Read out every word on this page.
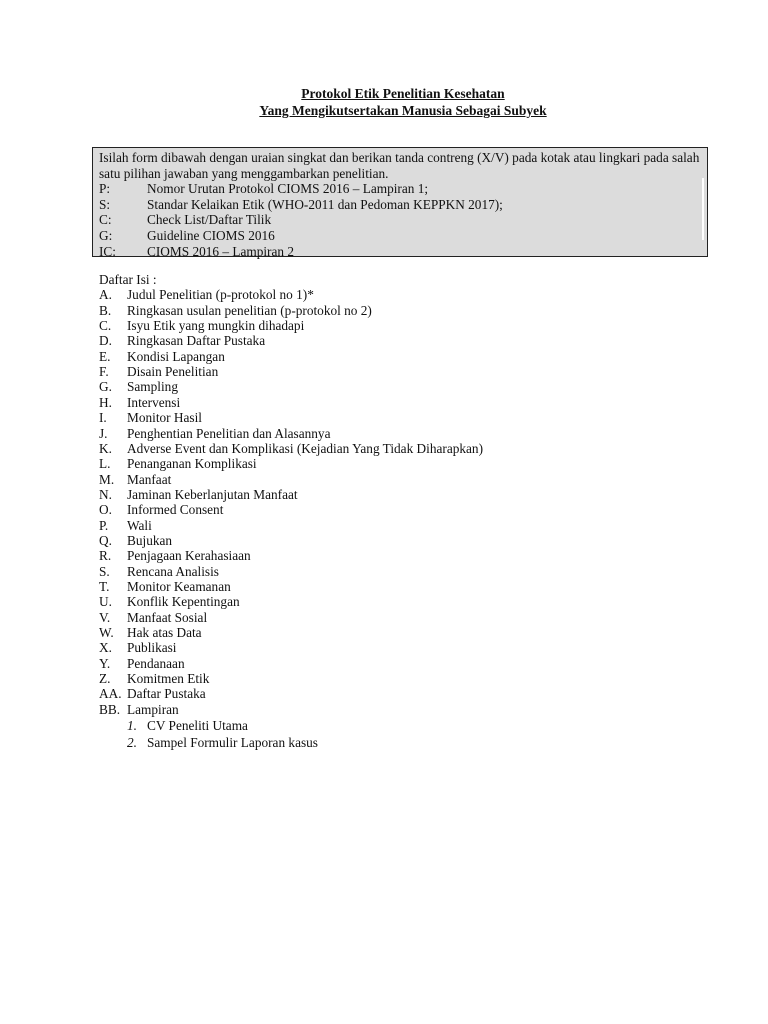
Protokol Etik Penelitian Kesehatan
Yang Mengikutsertakan Manusia Sebagai Subyek
Isilah form dibawah dengan uraian singkat dan berikan tanda contreng (X/V) pada kotak atau lingkari pada salah satu pilihan jawaban yang menggambarkan penelitian.
P:	Nomor Urutan Protokol CIOMS 2016 – Lampiran 1;
S:	Standar Kelaikan Etik (WHO-2011 dan Pedoman KEPPKN 2017);
C:	Check List/Daftar Tilik
G:	Guideline CIOMS 2016
IC:	CIOMS 2016 – Lampiran 2
Daftar Isi :
A.	Judul Penelitian (p-protokol no 1)*
B.	Ringkasan usulan penelitian (p-protokol no 2)
C.	Isyu Etik yang mungkin dihadapi
D.	Ringkasan Daftar Pustaka
E.	Kondisi Lapangan
F.	Disain Penelitian
G.	Sampling
H.	Intervensi
I.	Monitor Hasil
J.	Penghentian Penelitian dan Alasannya
K.	Adverse Event dan Komplikasi (Kejadian Yang Tidak Diharapkan)
L.	Penanganan Komplikasi
M. Manfaat
N.	Jaminan Keberlanjutan Manfaat
O.	Informed Consent
P.	Wali
Q.	Bujukan
R.	Penjagaan Kerahasiaan
S.	Rencana Analisis
T.	Monitor Keamanan
U.	Konflik Kepentingan
V.	Manfaat Sosial
W.	Hak atas Data
X.	Publikasi
Y.	Pendanaan
Z.	Komitmen Etik
AA. Daftar Pustaka
BB. Lampiran
1. CV Peneliti Utama
2. Sampel Formulir Laporan kasus
